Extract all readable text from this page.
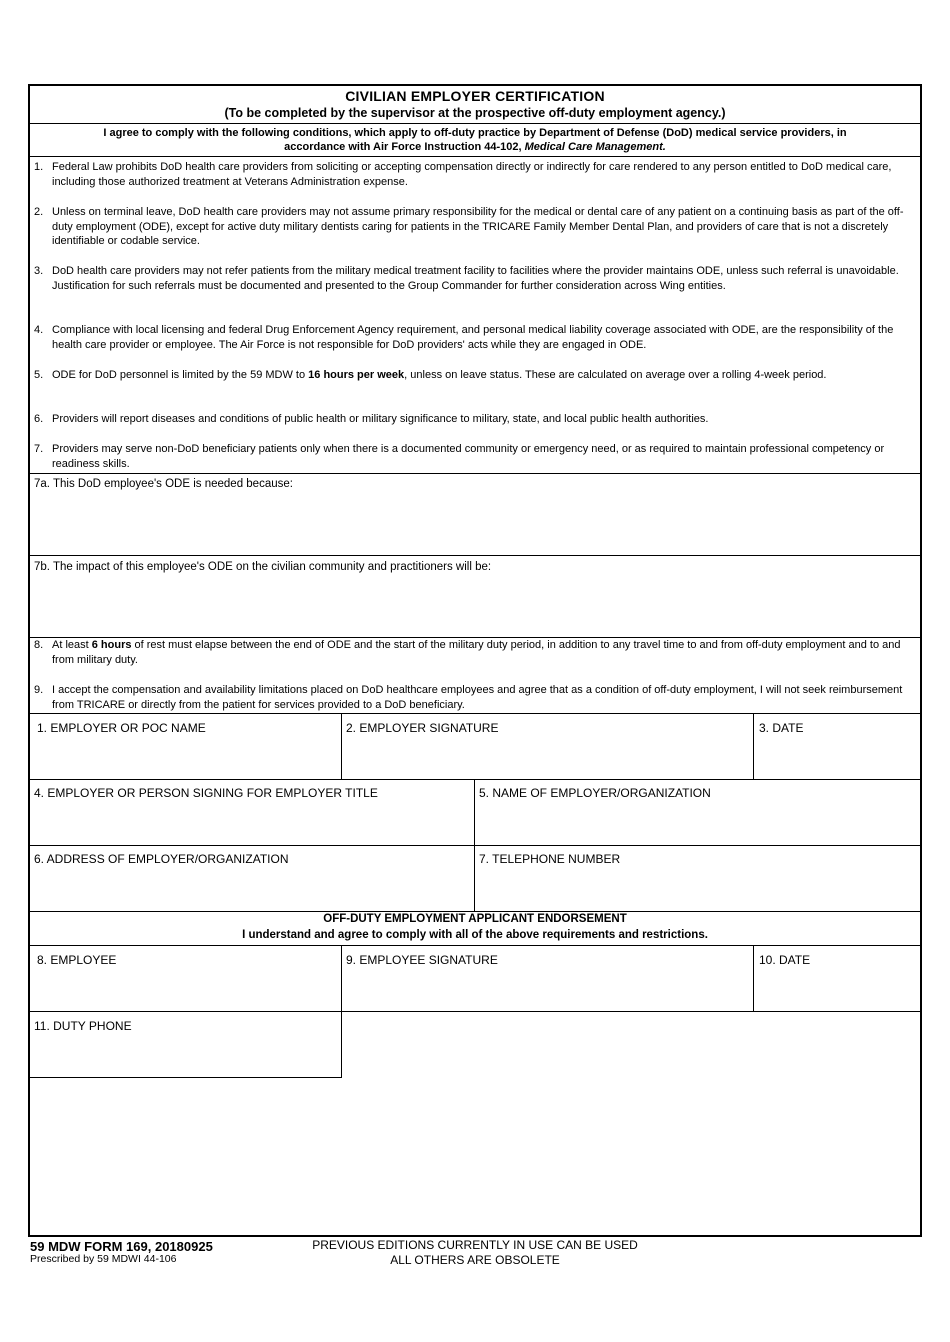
CIVILIAN EMPLOYER CERTIFICATION
(To be completed by the supervisor at the prospective off-duty employment agency.)
I agree to comply with the following conditions, which apply to off-duty practice by Department of Defense (DoD) medical service providers, in
accordance with Air Force Instruction 44-102, Medical Care Management.
1. Federal Law prohibits DoD health care providers from soliciting or accepting compensation directly or indirectly for care rendered to any person entitled to DoD medical care, including those authorized treatment at Veterans Administration expense.
2. Unless on terminal leave, DoD health care providers may not assume primary responsibility for the medical or dental care of any patient on a continuing basis as part of the off-duty employment (ODE), except for active duty military dentists caring for patients in the TRICARE Family Member Dental Plan, and providers of care that is not a discretely identifiable or codable service.
3. DoD health care providers may not refer patients from the military medical treatment facility to facilities where the provider maintains ODE, unless such referral is unavoidable. Justification for such referrals must be documented and presented to the Group Commander for further consideration across Wing entities.
4. Compliance with local licensing and federal Drug Enforcement Agency requirement, and personal medical liability coverage associated with ODE, are the responsibility of the health care provider or employee. The Air Force is not responsible for DoD providers' acts while they are engaged in ODE.
5. ODE for DoD personnel is limited by the 59 MDW to 16 hours per week, unless on leave status. These are calculated on average over a rolling 4-week period.
6. Providers will report diseases and conditions of public health or military significance to military, state, and local public health authorities.
7. Providers may serve non-DoD beneficiary patients only when there is a documented community or emergency need, or as required to maintain professional competency or readiness skills.
7a. This DoD employee's ODE is needed because:
7b. The impact of this employee's ODE on the civilian community and practitioners will be:
8. At least 6 hours of rest must elapse between the end of ODE and the start of the military duty period, in addition to any travel time to and from off-duty employment and to and from military duty.
9. I accept the compensation and availability limitations placed on DoD healthcare employees and agree that as a condition of off-duty employment, I will not seek reimbursement from TRICARE or directly from the patient for services provided to a DoD beneficiary.
1. EMPLOYER OR POC NAME	2. EMPLOYER SIGNATURE	3. DATE
4. EMPLOYER OR PERSON SIGNING FOR EMPLOYER TITLE	5. NAME OF EMPLOYER/ORGANIZATION
6. ADDRESS OF EMPLOYER/ORGANIZATION	7. TELEPHONE NUMBER
OFF-DUTY EMPLOYMENT APPLICANT ENDORSEMENT
I understand and agree to comply with all of the above requirements and restrictions.
8. EMPLOYEE	9. EMPLOYEE SIGNATURE	10. DATE
11. DUTY PHONE
59 MDW FORM 169, 20180925
Prescribed by 59 MDWI 44-106
PREVIOUS EDITIONS CURRENTLY IN USE CAN BE USED
ALL OTHERS ARE OBSOLETE
